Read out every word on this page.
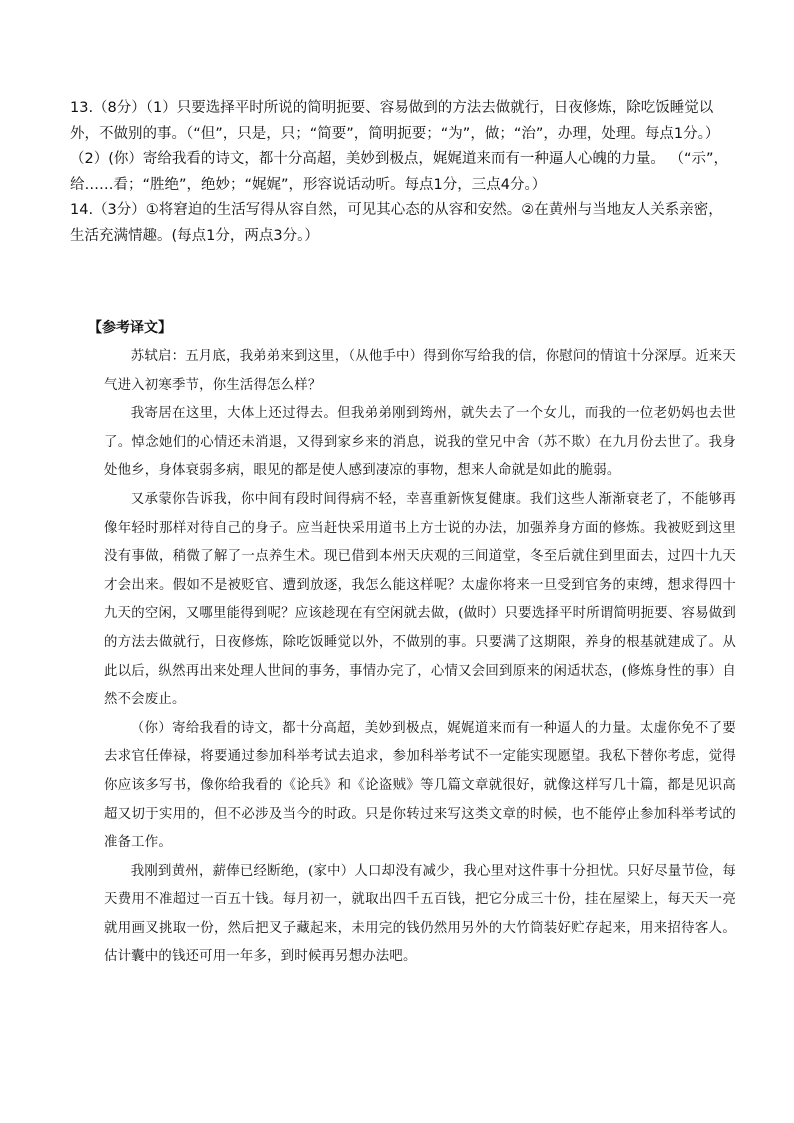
13.（8分）（1）只要选择平时所说的简明扼要、容易做到的方法去做就行，日夜修炼，除吃饭睡觉以外，不做别的事。（“但”，只是，只；“简要”，简明扼要；“为”，做；“治”，办理，处理。每点1分。）

（2）(你）寄给我看的诗文，都十分高超，美妙到极点，娓娓道来而有一种逼人心魄的力量。 （“示”，给……看；“胜绝”，绝妙；“娓娓”，形容说话动听。每点1分，三点4分。）

14.（3分）①将窘迫的生活写得从容自然，可见其心态的从容和安然。②在黄州与当地友人关系亲密，生活充满情趣。(每点1分，两点3分。）

【参考译文】

苏轼启：五月底，我弟弟来到这里，（从他手中）得到你写给我的信，你慰问的情谊十分深厚。近来天气进入初寒季节，你生活得怎么样？

我寄居在这里，大体上还过得去。但我弟弟刚到筠州，就失去了一个女儿，而我的一位老奶妈也去世了。悼念她们的心情还未消退，又得到家乡来的消息，说我的堂兄中舍（苏不欺）在九月份去世了。我身处他乡，身体衰弱多病，眼见的都是使人感到凄凉的事物，想来人命就是如此的脆弱。

又承蒙你告诉我，你中间有段时间得病不轻，幸喜重新恢复健康。我们这些人渐渐衰老了，不能够再像年轻时那样对待自己的身子。应当赶快采用道书上方士说的办法，加强养身方面的修炼。我被贬到这里没有事做，稍微了解了一点养生术。现已借到本州天庆观的三间道堂，冬至后就住到里面去，过四十九天才会出来。假如不是被贬官、遭到放逐，我怎么能这样呢？太虚你将来一旦受到官务的束缚，想求得四十九天的空闲，又哪里能得到呢？应该趁现在有空闲就去做，(做时）只要选择平时所谓简明扼要、容易做到的方法去做就行，日夜修炼，除吃饭睡觉以外，不做别的事。只要满了这期限，养身的根基就建成了。从此以后，纵然再出来处理人世间的事务，事情办完了，心情又会回到原来的闲适状态，(修炼身性的事）自然不会废止。

（你）寄给我看的诗文，都十分高超，美妙到极点，娓娓道来而有一种逼人的力量。太虚你免不了要去求官任俸禄，将要通过参加科举考试去追求，参加科举考试不一定能实现愿望。我私下替你考虑，觉得你应该多写书，像你给我看的《论兵》和《论盗贼》等几篇文章就很好，就像这样写几十篇，都是见识高超又切于实用的，但不必涉及当今的时政。只是你转过来写这类文章的时候，也不能停止参加科举考试的准备工作。

我刚到黄州，薪俸已经断绝，(家中）人口却没有减少，我心里对这件事十分担忧。只好尽量节俭，每天费用不准超过一百五十钱。每月初一，就取出四千五百钱，把它分成三十份，挂在屋梁上，每天天一亮就用画叉挑取一份，然后把叉子藏起来，未用完的钱仍然用另外的大竹筒装好贮存起来，用来招待客人。估计囊中的钱还可用一年多，到时候再另想办法吧。
